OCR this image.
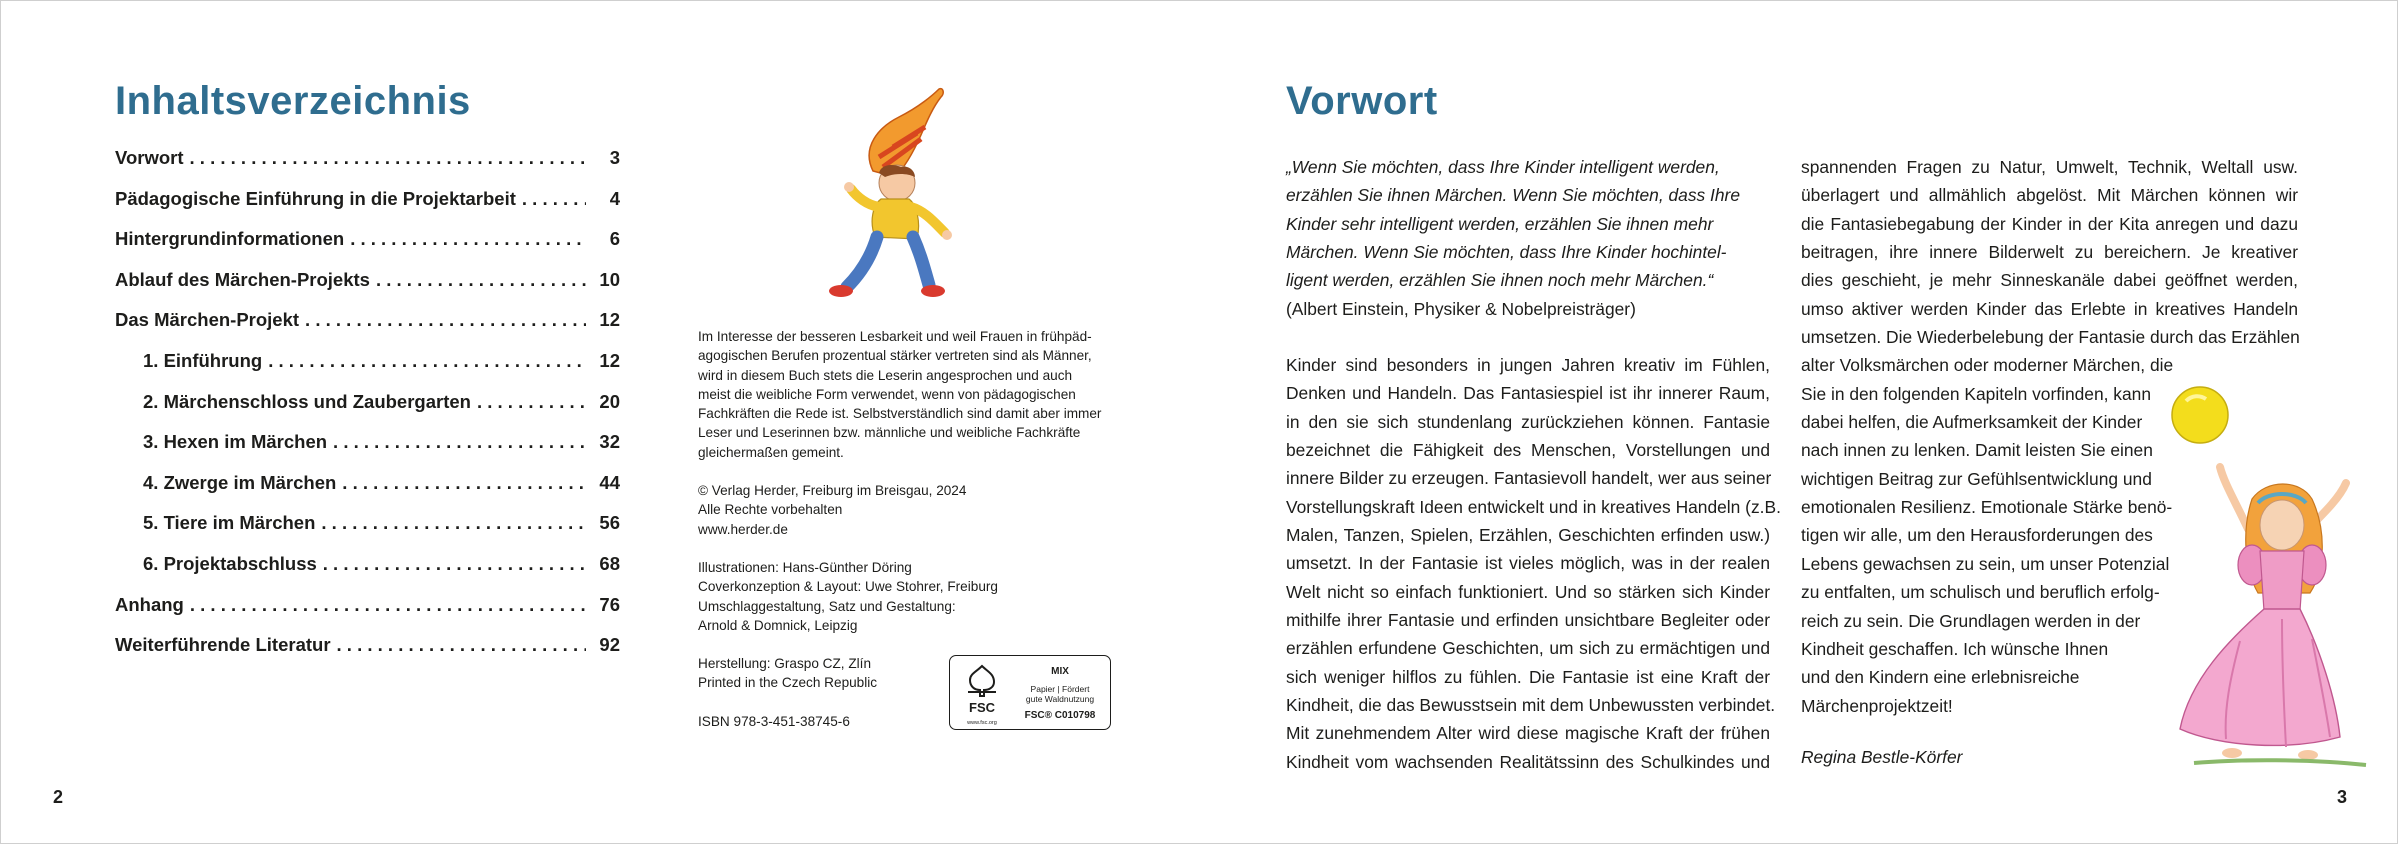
Inhaltsverzeichnis
Vorwort . . .	3
Pädagogische Einführung in die Projektarbeit . . .	4
Hintergrundinformationen . . .	6
Ablauf des Märchen-Projekts . . .	10
Das Märchen-Projekt . . .	12
1. Einführung . . .	12
2. Märchenschloss und Zaubergarten . . .	20
3. Hexen im Märchen . . .	32
4. Zwerge im Märchen . . .	44
5. Tiere im Märchen . . .	56
6. Projektabschluss . . .	68
Anhang . . .	76
Weiterführende Literatur . . .	92

Im Interesse der besseren Lesbarkeit und weil Frauen in frühpäd-
agogischen Berufen prozentual stärker vertreten sind als Männer,
wird in diesem Buch stets die Leserin angesprochen und auch
meist die weibliche Form verwendet, wenn von pädagogischen
Fachkräften die Rede ist. Selbstverständlich sind damit aber immer
Leser und Leserinnen bzw. männliche und weibliche Fachkräfte
gleichermaßen gemeint.

© Verlag Herder, Freiburg im Breisgau, 2024
Alle Rechte vorbehalten
www.herder.de

Illustrationen: Hans-Günther Döring
Coverkonzeption & Layout: Uwe Stohrer, Freiburg
Umschlaggestaltung, Satz und Gestaltung:
Arnold & Domnick, Leipzig

Herstellung: Graspo CZ, Zlín
Printed in the Czech Republic

ISBN 978-3-451-38745-6

FSC
www.fsc.org
MIX
Papier | Fördert
gute Waldnutzung
FSC® C010798
2
Vorwort
„Wenn Sie möchten, dass Ihre Kinder intelligent werden,
erzählen Sie ihnen Märchen. Wenn Sie möchten, dass Ihre
Kinder sehr intelligent werden, erzählen Sie ihnen mehr
Märchen. Wenn Sie möchten, dass Ihre Kinder hochintel-
ligent werden, erzählen Sie ihnen noch mehr Märchen.“
(Albert Einstein, Physiker & Nobelpreisträger)
Kinder sind besonders in jungen Jahren kreativ im Fühlen,
Denken und Handeln. Das Fantasiespiel ist ihr innerer Raum,
in den sie sich stundenlang zurückziehen können. Fantasie
bezeichnet die Fähigkeit des Menschen, Vorstellungen und
innere Bilder zu erzeugen. Fantasievoll handelt, wer aus seiner
Vorstellungskraft Ideen entwickelt und in kreatives Handeln (z.B.
Malen, Tanzen, Spielen, Erzählen, Geschichten erfinden usw.)
umsetzt. In der Fantasie ist vieles möglich, was in der realen
Welt nicht so einfach funktioniert. Und so stärken sich Kinder
mithilfe ihrer Fantasie und erfinden unsichtbare Begleiter oder
erzählen erfundene Geschichten, um sich zu ermächtigen und
sich weniger hilflos zu fühlen. Die Fantasie ist eine Kraft der
Kindheit, die das Bewusstsein mit dem Unbewussten verbindet.
Mit zunehmendem Alter wird diese magische Kraft der frühen
Kindheit vom wachsenden Realitätssinn des Schulkindes und
spannenden Fragen zu Natur, Umwelt, Technik, Weltall usw.
überlagert und allmählich abgelöst. Mit Märchen können wir
die Fantasiebegabung der Kinder in der Kita anregen und dazu
beitragen, ihre innere Bilderwelt zu bereichern. Je kreativer
dies geschieht, je mehr Sinneskanäle dabei geöffnet werden,
umso aktiver werden Kinder das Erlebte in kreatives Handeln
umsetzen. Die Wiederbelebung der Fantasie durch das Erzählen
alter Volksmärchen oder moderner Märchen, die
Sie in den folgenden Kapiteln vorfinden, kann
dabei helfen, die Aufmerksamkeit der Kinder
nach innen zu lenken. Damit leisten Sie einen
wichtigen Beitrag zur Gefühlsentwicklung und
emotionalen Resilienz. Emotionale Stärke benö-
tigen wir alle, um den Herausforderungen des
Lebens gewachsen zu sein, um unser Potenzial
zu entfalten, um schulisch und beruflich erfolg-
reich zu sein. Die Grundlagen werden in der
Kindheit geschaffen. Ich wünsche Ihnen
und den Kindern eine erlebnisreiche
Märchenprojektzeit!
Regina Bestle-Körfer
3
